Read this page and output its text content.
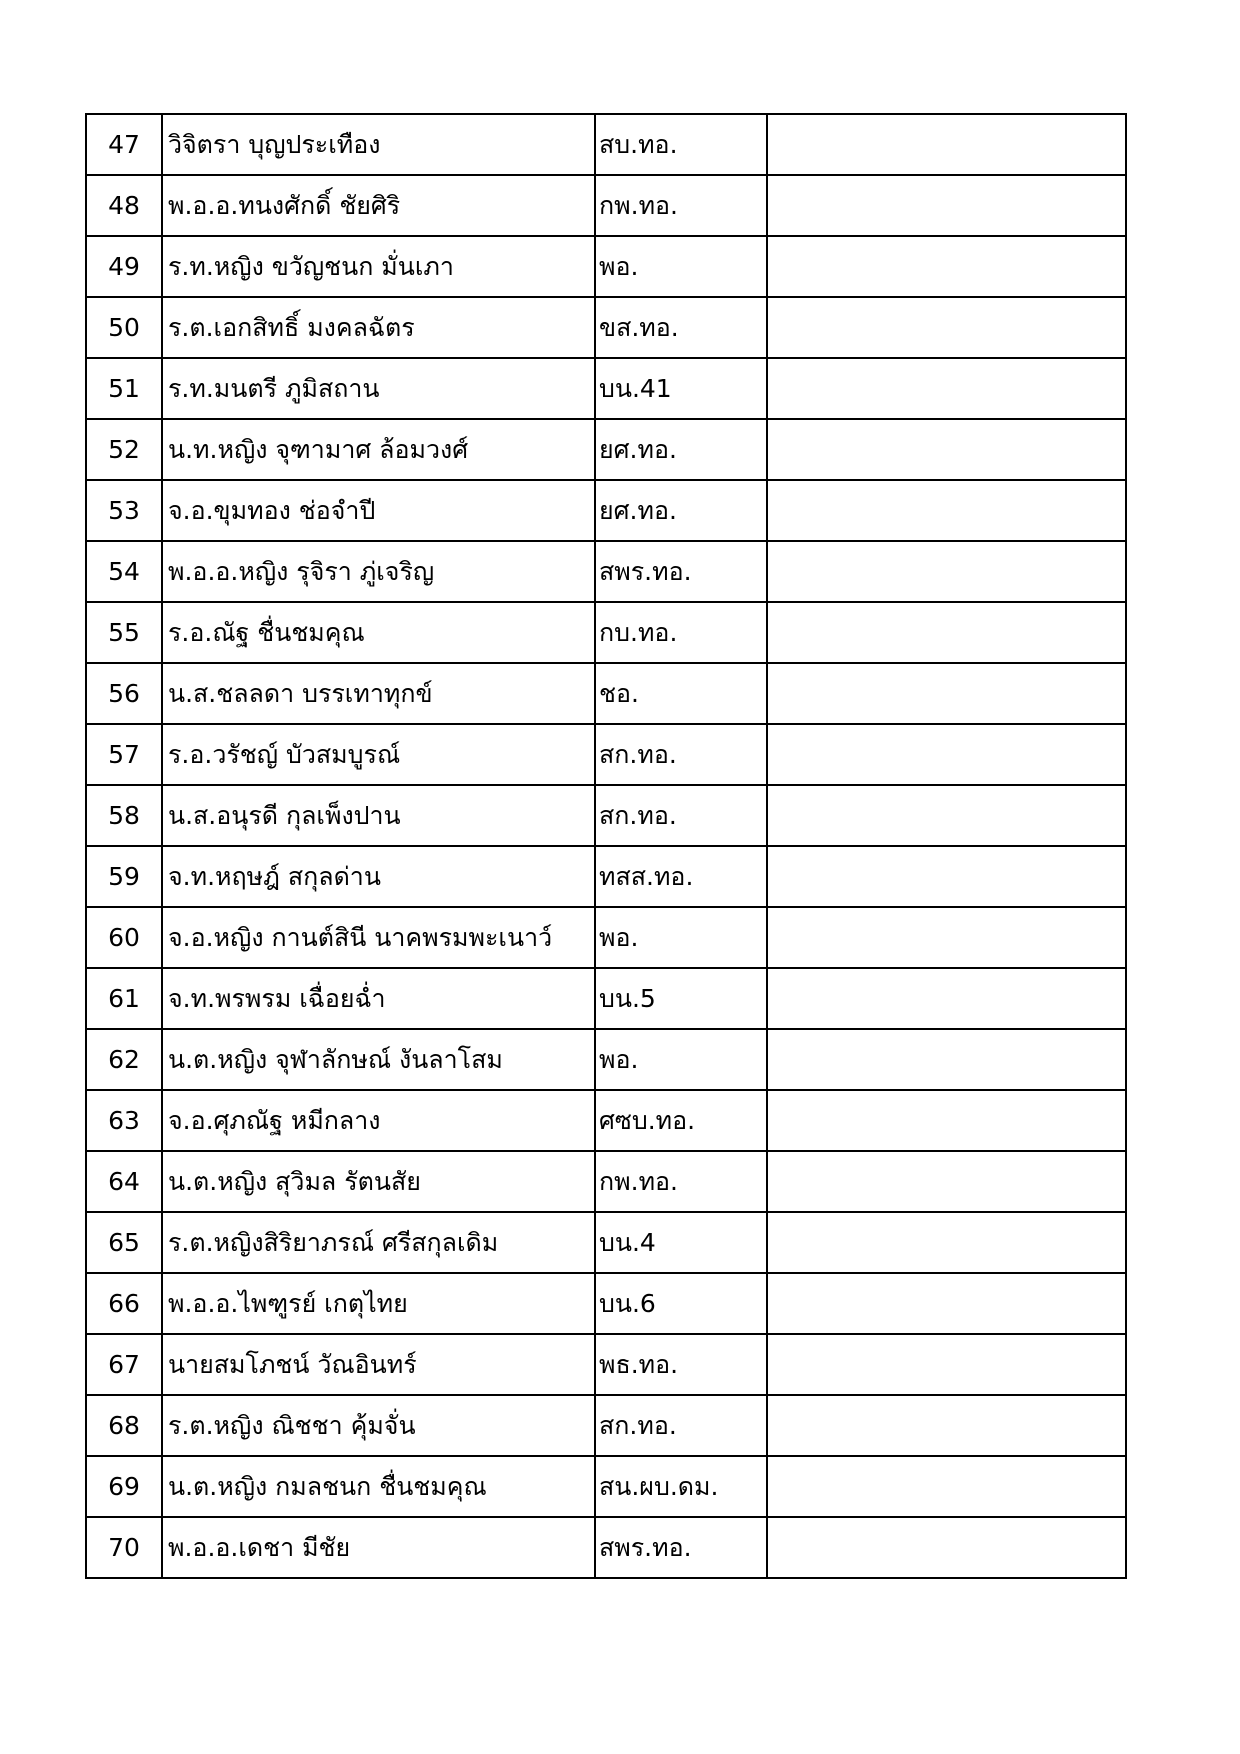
47	วิจิตรา บุญประเทือง	สบ.ทอ.	
48	พ.อ.อ.ทนงศักดิ์ ชัยศิริ	กพ.ทอ.	
49	ร.ท.หญิง ขวัญชนก มั่นเภา	พอ.	
50	ร.ต.เอกสิทธิ์ มงคลฉัตร	ขส.ทอ.	
51	ร.ท.มนตรี ภูมิสถาน	บน.41	
52	น.ท.หญิง จุฑามาศ ล้อมวงศ์	ยศ.ทอ.	
53	จ.อ.ขุมทอง ช่อจำปี	ยศ.ทอ.	
54	พ.อ.อ.หญิง รุจิรา ภู่เจริญ	สพร.ทอ.	
55	ร.อ.ณัฐ ชื่นชมคุณ	กบ.ทอ.	
56	น.ส.ชลลดา บรรเทาทุกข์	ชอ.	
57	ร.อ.วรัชญ์ บัวสมบูรณ์	สก.ทอ.	
58	น.ส.อนุรดี กุลเพ็งปาน	สก.ทอ.	
59	จ.ท.หฤษฎ์ สกุลด่าน	ทสส.ทอ.	
60	จ.อ.หญิง กานต์สินี นาคพรมพะเนาว์	พอ.	
61	จ.ท.พรพรม เฉื่อยฉ่ำ	บน.5	
62	น.ต.หญิง จุฬาลักษณ์ งันลาโสม	พอ.	
63	จ.อ.ศุภณัฐ หมีกลาง	ศซบ.ทอ.	
64	น.ต.หญิง สุวิมล รัตนสัย	กพ.ทอ.	
65	ร.ต.หญิงสิริยาภรณ์ ศรีสกุลเดิม	บน.4	
66	พ.อ.อ.ไพฑูรย์ เกตุไทย	บน.6	
67	นายสมโภชน์ วัณอินทร์	พธ.ทอ.	
68	ร.ต.หญิง ณิชชา คุ้มจั่น	สก.ทอ.	
69	น.ต.หญิง กมลชนก ชื่นชมคุณ	สน.ผบ.ดม.	
70	พ.อ.อ.เดชา มีชัย	สพร.ทอ.	
